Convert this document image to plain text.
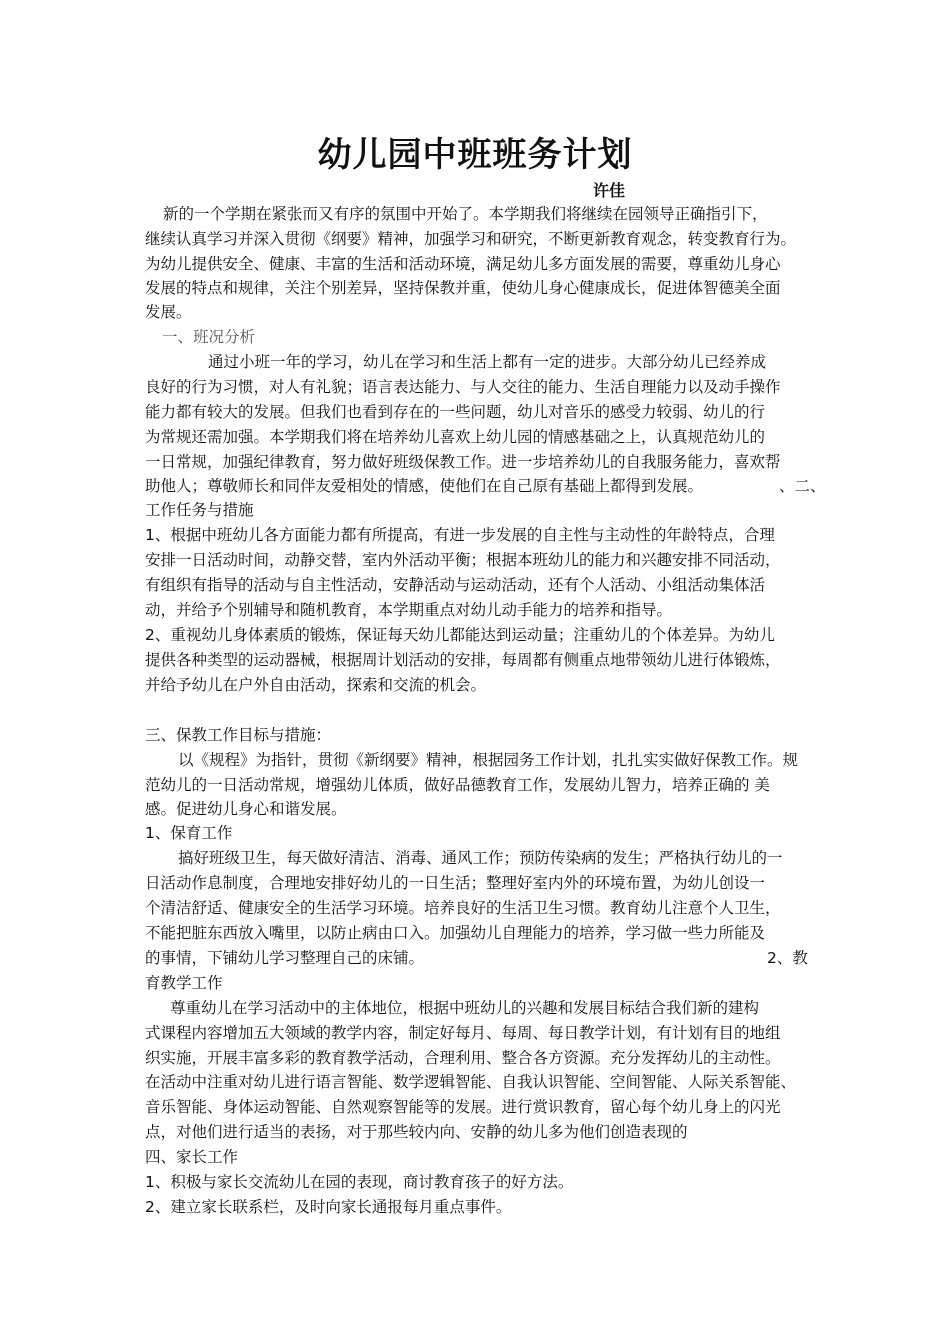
幼儿园中班班务计划
许佳
新的一个学期在紧张而又有序的氛围中开始了。本学期我们将继续在园领导正确指引下，
继续认真学习并深入贯彻《纲要》精神，加强学习和研究，不断更新教育观念，转变教育行为。
为幼儿提供安全、健康、丰富的生活和活动环境，满足幼儿多方面发展的需要，尊重幼儿身心
发展的特点和规律，关注个别差异，坚持保教并重，使幼儿身心健康成长，促进体智德美全面
发展。
一、班况分析
通过小班一年的学习，幼儿在学习和生活上都有一定的进步。大部分幼儿已经养成
良好的行为习惯，对人有礼貌；语言表达能力、与人交往的能力、生活自理能力以及动手操作
能力都有较大的发展。但我们也看到存在的一些问题，幼儿对音乐的感受力较弱、幼儿的行
为常规还需加强。本学期我们将在培养幼儿喜欢上幼儿园的情感基础之上，认真规范幼儿的
一日常规，加强纪律教育，努力做好班级保教工作。进一步培养幼儿的自我服务能力，喜欢帮
助他人；尊敬师长和同伴友爱相处的情感，使他们在自己原有基础上都得到发展。	、二、
工作任务与措施
1、根据中班幼儿各方面能力都有所提高，有进一步发展的自主性与主动性的年龄特点，合理
安排一日活动时间，动静交替，室内外活动平衡；根据本班幼儿的能力和兴趣安排不同活动，
有组织有指导的活动与自主性活动，安静活动与运动活动，还有个人活动、小组活动集体活
动，并给予个别辅导和随机教育，本学期重点对幼儿动手能力的培养和指导。
2、重视幼儿身体素质的锻炼，保证每天幼儿都能达到运动量；注重幼儿的个体差异。为幼儿
提供各种类型的运动器械，根据周计划活动的安排，每周都有侧重点地带领幼儿进行体锻炼，
并给予幼儿在户外自由活动，探索和交流的机会。
三、保教工作目标与措施：
以《规程》为指针，贯彻《新纲要》精神，根据园务工作计划，扎扎实实做好保教工作。规
范幼儿的一日活动常规，增强幼儿体质，做好品德教育工作，发展幼儿智力，培养正确的 美
感。促进幼儿身心和谐发展。
1、保育工作
搞好班级卫生，每天做好清洁、消毒、通风工作；预防传染病的发生；严格执行幼儿的一
日活动作息制度，合理地安排好幼儿的一日生活；整理好室内外的环境布置，为幼儿创设一
个清洁舒适、健康安全的生活学习环境。培养良好的生活卫生习惯。教育幼儿注意个人卫生，
不能把脏东西放入嘴里，以防止病由口入。加强幼儿自理能力的培养，学习做一些力所能及
的事情，下铺幼儿学习整理自己的床铺。	2、教
育教学工作
尊重幼儿在学习活动中的主体地位，根据中班幼儿的兴趣和发展目标结合我们新的建构
式课程内容增加五大领域的教学内容，制定好每月、每周、每日教学计划，有计划有目的地组
织实施，开展丰富多彩的教育教学活动，合理利用、整合各方资源。充分发挥幼儿的主动性。
在活动中注重对幼儿进行语言智能、数学逻辑智能、自我认识智能、空间智能、人际关系智能、
音乐智能、身体运动智能、自然观察智能等的发展。进行赏识教育，留心每个幼儿身上的闪光
点，对他们进行适当的表扬，对于那些较内向、安静的幼儿多为他们创造表现的
四、家长工作
1、积极与家长交流幼儿在园的表现，商讨教育孩子的好方法。
2、建立家长联系栏，及时向家长通报每月重点事件。
